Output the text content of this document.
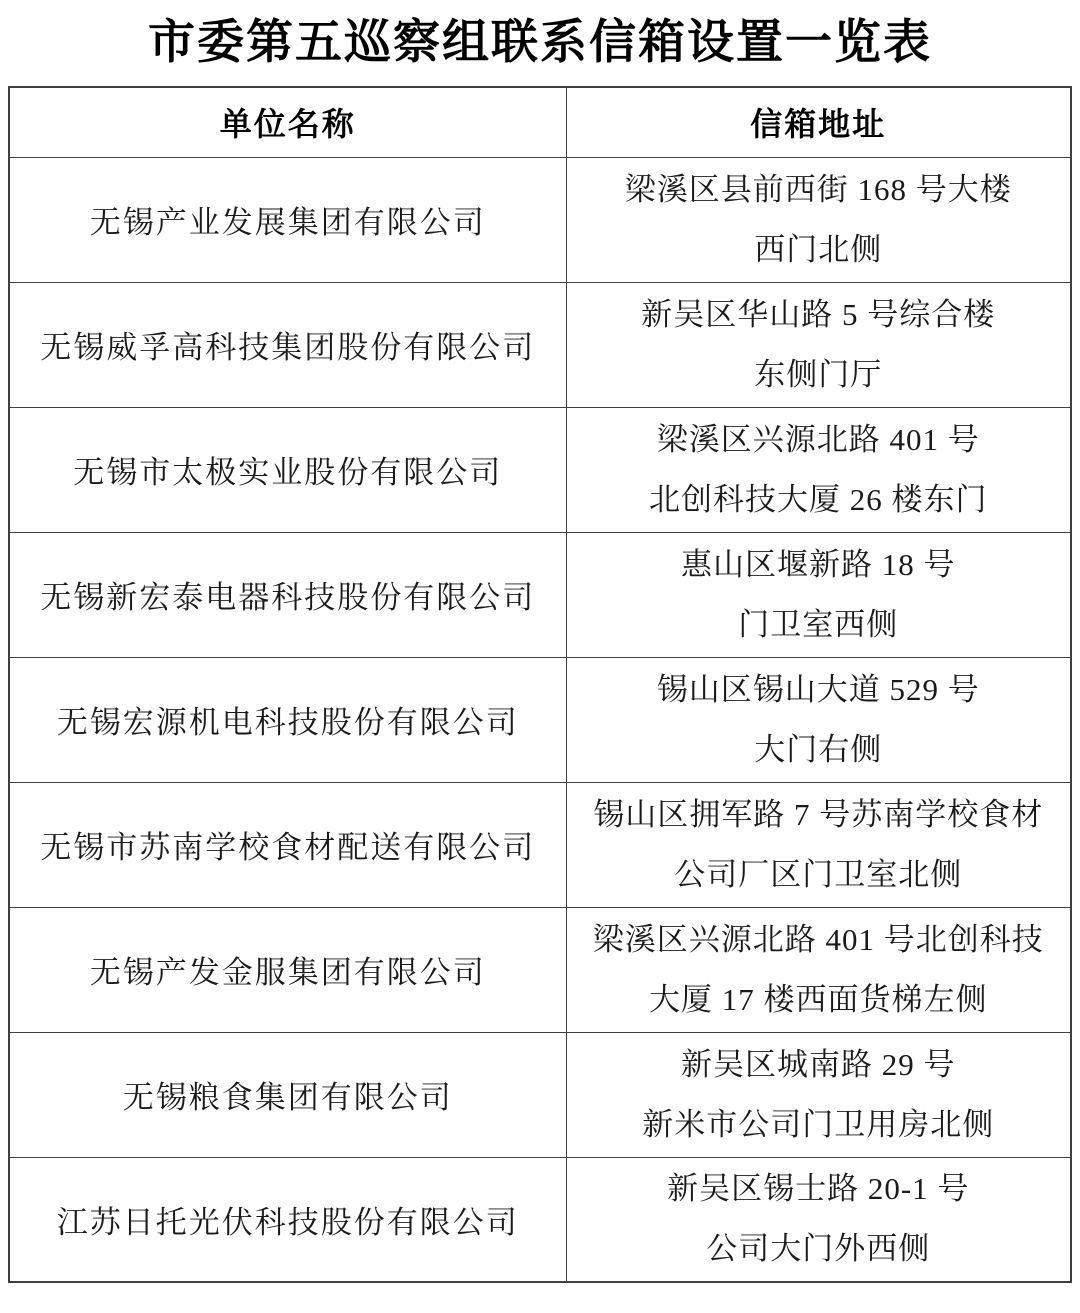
市委第五巡察组联系信箱设置一览表
单位名称	信箱地址
无锡产业发展集团有限公司	梁溪区县前西街 168 号大楼
西门北侧

无锡威孚高科技集团股份有限公司	新吴区华山路 5 号综合楼
东侧门厅

无锡市太极实业股份有限公司	梁溪区兴源北路 401 号
北创科技大厦 26 楼东门

无锡新宏泰电器科技股份有限公司	惠山区堰新路 18 号
门卫室西侧

无锡宏源机电科技股份有限公司	锡山区锡山大道 529 号
大门右侧

无锡市苏南学校食材配送有限公司	锡山区拥军路 7 号苏南学校食材
公司厂区门卫室北侧

无锡产发金服集团有限公司	梁溪区兴源北路 401 号北创科技
大厦 17 楼西面货梯左侧

无锡粮食集团有限公司	新吴区城南路 29 号
新米市公司门卫用房北侧

江苏日托光伏科技股份有限公司	新吴区锡士路 20-1 号
公司大门外西侧
